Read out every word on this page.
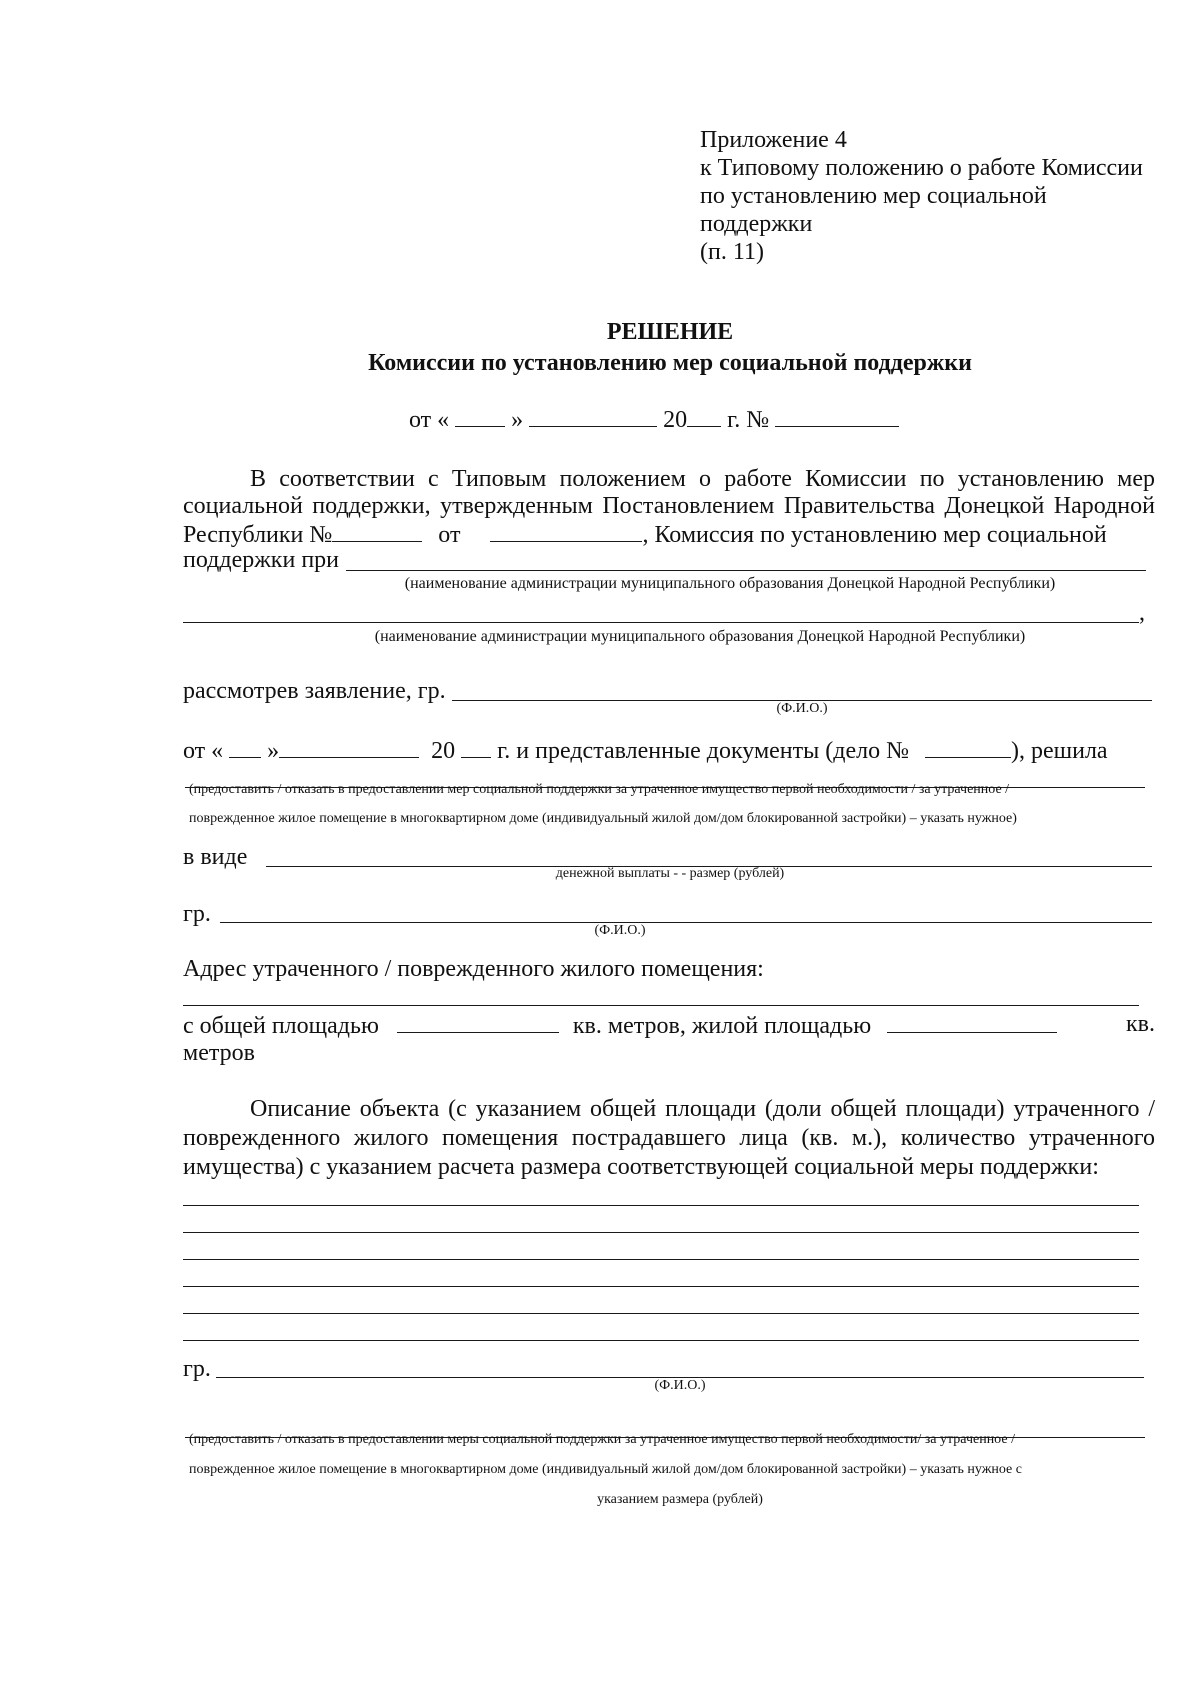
Приложение 4
к Типовому положению о работе Комиссии
по установлению мер социальной
поддержки
(п. 11)
РЕШЕНИЕ
Комиссии по установлению мер социальной поддержки
от «	»	20 г. №
В соответствии с Типовым положением о работе Комиссии по установлению мер
социальной поддержки, утвержденным Постановлением Правительства Донецкой Народной
Республики №	от	, Комиссия по установлению мер социальной
поддержки при
(наименование администрации муниципального образования Донецкой Народной Республики)
,
(наименование администрации муниципального образования Донецкой Народной Республики)
рассмотрев заявление, гр.
(Ф.И.О.)
от « »	20 г. и представленные документы (дело №	), решила
(предоставить / отказать в предоставлении мер социальной поддержки за утраченное имущество первой необходимости / за утраченное /
поврежденное жилое помещение в многоквартирном доме (индивидуальный жилой дом/дом блокированной застройки) – указать нужное)
в виде
денежной выплаты - - размер (рублей)
гр.
(Ф.И.О.)
Адрес утраченного / поврежденного жилого помещения:
с общей площадью	кв. метров, жилой площадью	кв.
метров
Описание объекта (с указанием общей площади (доли общей площади) утраченного /
поврежденного жилого помещения пострадавшего лица (кв. м.), количество утраченного
имущества) с указанием расчета размера соответствующей социальной меры поддержки:
гр.
(Ф.И.О.)
(предоставить / отказать в предоставлении меры социальной поддержки за утраченное имущество первой необходимости/ за утраченное /
поврежденное жилое помещение в многоквартирном доме (индивидуальный жилой дом/дом блокированной застройки) – указать нужное с
указанием размера (рублей)
